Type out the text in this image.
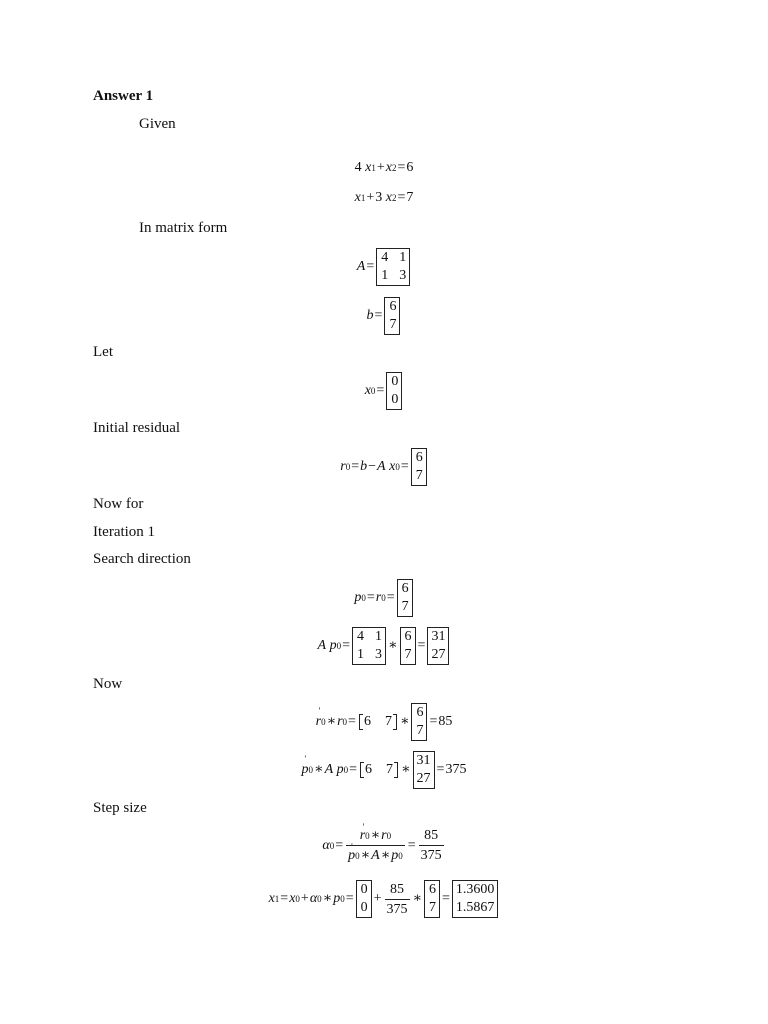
Answer 1
Given
4
x 1 + x 2 = 6
x 1 + 3
x 2 = 7
In matrix form
A =
4 1
1 3
b =
6
7
Let
x 0 =
0
0
Initial residual
r 0 = b − A
x 0 =
6
7
Now for
Iteration 1
Search direction
p 0 = r 0 =
6
7
A
p 0 =
4 1
1 3
∗
6
7
=
31
27
Now
r ' 0 ∗ r 0 = 6 7 ∗
6
7
= 85
p ' 0 ∗ A
p 0 = 6 7 ∗
31
27
= 375
Step size
α $0 = \frac{r ' 0 ∗ r 0}{p ' 0 ∗ A ∗ p 0} = \frac{85}{375}$
x 1 = x 0 + α 0 ∗ p 0 =
0
0
+ $\frac{85}{375}$ ∗
6
7
=
1.3600
1.5867
